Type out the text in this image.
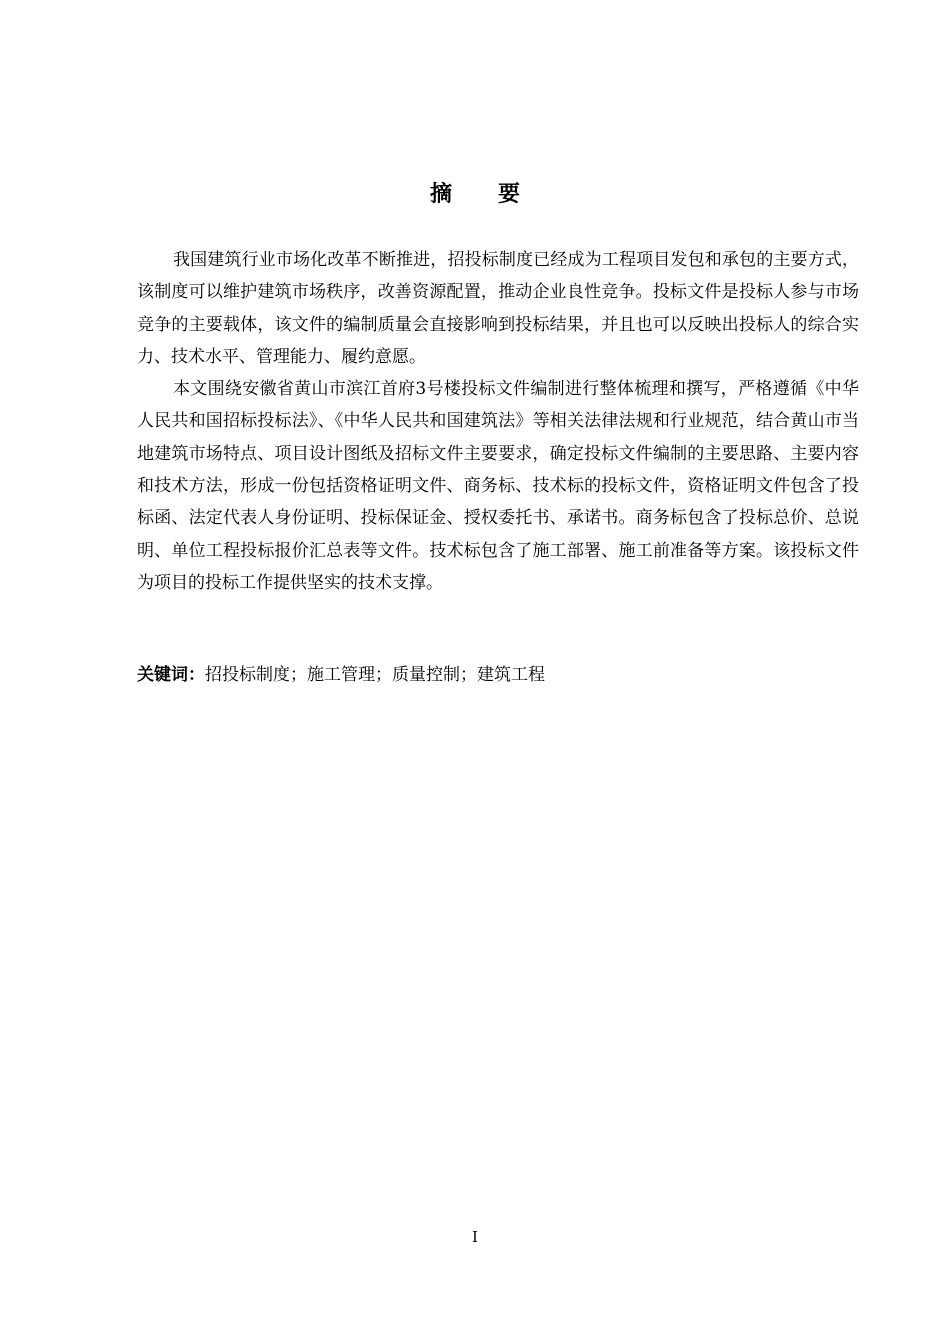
摘 要

我国建筑行业市场化改革不断推进，招投标制度已经成为工程项目发包和承包的主要方式，该制度可以维护建筑市场秩序，改善资源配置，推动企业良性竞争。投标文件是投标人参与市场竞争的主要载体，该文件的编制质量会直接影响到投标结果，并且也可以反映出投标人的综合实力、技术水平、管理能力、履约意愿。

本文围绕安徽省黄山市滨江首府3号楼投标文件编制进行整体梳理和撰写，严格遵循《中华人民共和国招标投标法》、《中华人民共和国建筑法》等相关法律法规和行业规范，结合黄山市当地建筑市场特点、项目设计图纸及招标文件主要要求，确定投标文件编制的主要思路、主要内容和技术方法，形成一份包括资格证明文件、商务标、技术标的投标文件，资格证明文件包含了投标函、法定代表人身份证明、投标保证金、授权委托书、承诺书。商务标包含了投标总价、总说明、单位工程投标报价汇总表等文件。技术标包含了施工部署、施工前准备等方案。该投标文件为项目的投标工作提供坚实的技术支撑。

关键词：招投标制度；施工管理；质量控制；建筑工程
I
